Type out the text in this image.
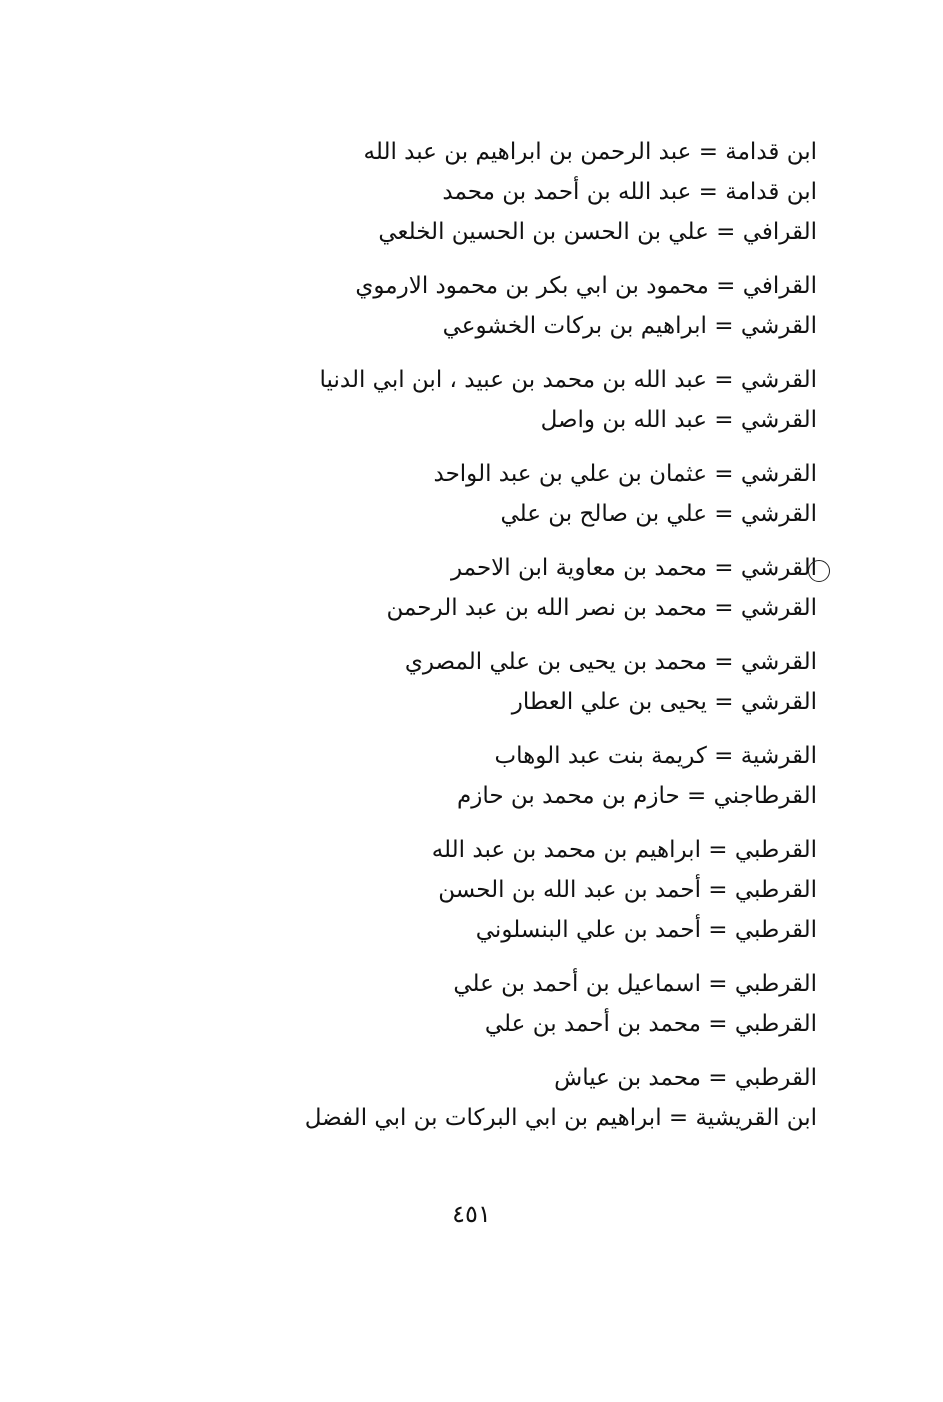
ابن قدامة = عبد الرحمن بن ابراهيم بن عبد الله
ابن قدامة = عبد الله بن أحمد بن محمد
القرافي = علي بن الحسن بن الحسين الخلعي
القرافي = محمود بن ابي بكر بن محمود الارموي
القرشي = ابراهيم بن بركات الخشوعي
القرشي = عبد الله بن محمد بن عبيد ، ابن ابي الدنيا
القرشي = عبد الله بن واصل
القرشي = عثمان بن علي بن عبد الواحد
القرشي = علي بن صالح بن علي
القرشي = محمد بن معاوية ابن الاحمر
القرشي = محمد بن نصر الله بن عبد الرحمن
القرشي = محمد بن يحيى بن علي المصري
القرشي = يحيى بن علي العطار
القرشية = كريمة بنت عبد الوهاب
القرطاجني = حازم بن محمد بن حازم
القرطبي = ابراهيم بن محمد بن عبد الله
القرطبي = أحمد بن عبد الله بن الحسن
القرطبي = أحمد بن علي البنسلوني
القرطبي = اسماعيل بن أحمد بن علي
القرطبي = محمد بن أحمد بن علي
القرطبي = محمد بن عياش
ابن القريشية = ابراهيم بن ابي البركات بن ابي الفضل
٤٥١
